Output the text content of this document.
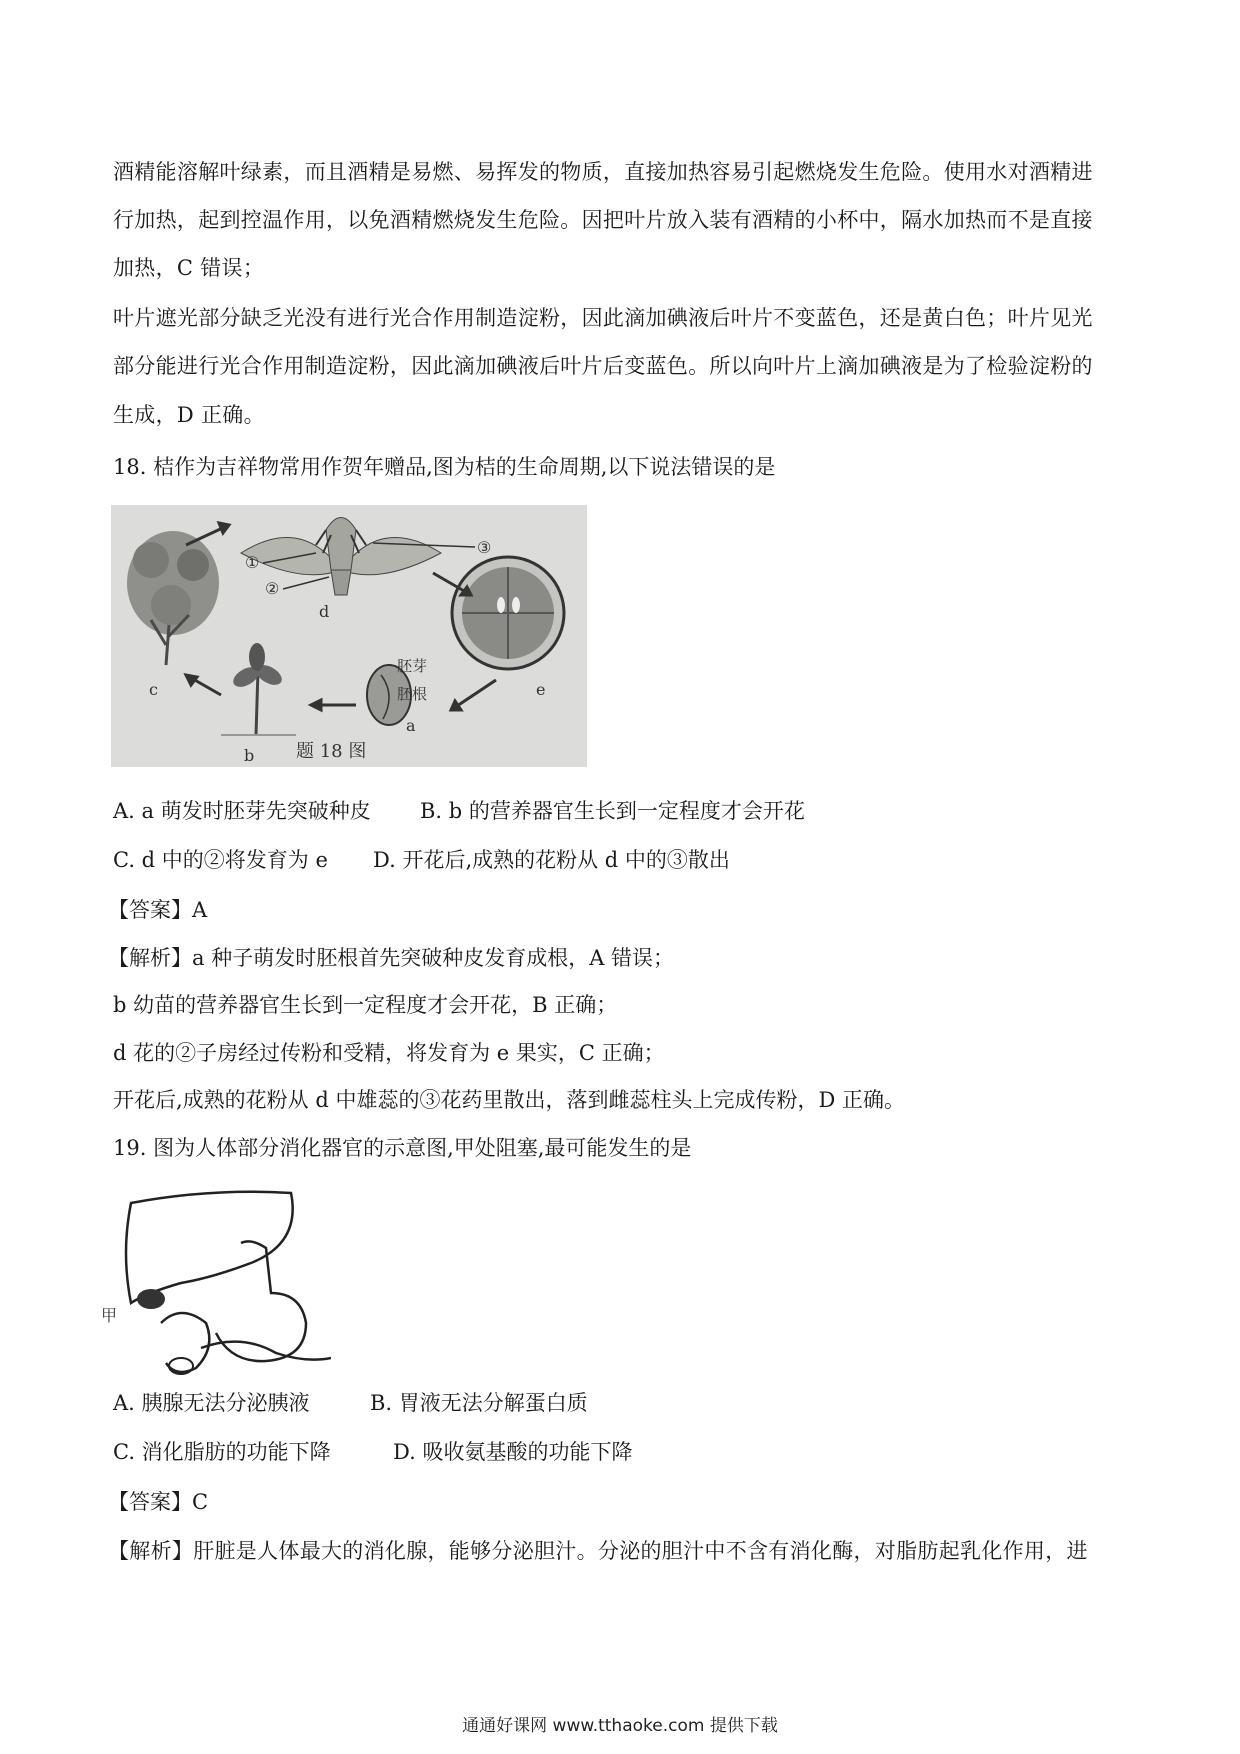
酒精能溶解叶绿素，而且酒精是易燃、易挥发的物质，直接加热容易引起燃烧发生危险。使用水对酒精进
行加热，起到控温作用，以免酒精燃烧发生危险。因把叶片放入装有酒精的小杯中，隔水加热而不是直接
加热，C 错误；
叶片遮光部分缺乏光没有进行光合作用制造淀粉，因此滴加碘液后叶片不变蓝色，还是黄白色；叶片见光
部分能进行光合作用制造淀粉，因此滴加碘液后叶片后变蓝色。所以向叶片上滴加碘液是为了检验淀粉的
生成，D 正确。
18. 桔作为吉祥物常用作贺年赠品,图为桔的生命周期,以下说法错误的是
c
b
d
①
②
③
e
胚芽
胚根
a
题 18 图
A. a 萌发时胚芽先突破种皮 B. b 的营养器官生长到一定程度才会开花
C. d 中的②将发育为 e D. 开花后,成熟的花粉从 d 中的③散出
【答案】A
【解析】a 种子萌发时胚根首先突破种皮发育成根，A 错误；
b 幼苗的营养器官生长到一定程度才会开花，B 正确；
d 花的②子房经过传粉和受精，将发育为 e 果实，C 正确；
开花后,成熟的花粉从 d 中雄蕊的③花药里散出，落到雌蕊柱头上完成传粉，D 正确。
19. 图为人体部分消化器官的示意图,甲处阻塞,最可能发生的是
甲
A. 胰腺无法分泌胰液	B. 胃液无法分解蛋白质
C. 消化脂肪的功能下降	D. 吸收氨基酸的功能下降
【答案】C
【解析】肝脏是人体最大的消化腺，能够分泌胆汁。分泌的胆汁中不含有消化酶，对脂肪起乳化作用，进
通通好课网 www.tthaoke.com 提供下载
